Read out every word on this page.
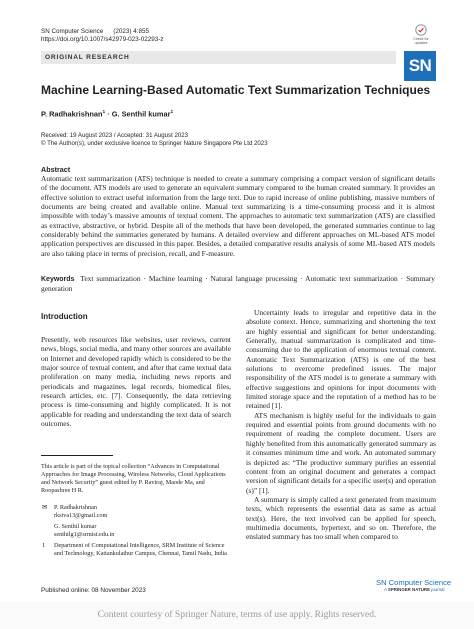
SN Computer Science (2023) 4:855
https://doi.org/10.1007/s42979-023-02293-z	Check for
updates
ORIGINAL RESEARCH	SN
Machine Learning-Based Automatic Text Summarization Techniques
P. Radhakrishnan$^1$ · G. Senthil kumar$^1$
Received: 19 August 2023 / Accepted: 31 August 2023
© The Author(s), under exclusive licence to Springer Nature Singapore Pte Ltd 2023
Abstract
Automatic text summarization (ATS) technique is needed to create a summary comprising a compact version of significant details of the document. ATS models are used to generate an equivalent summary compared to the human created summary. It provides an effective solution to extract useful information from the large text. Due to rapid increase of online publishing, massive numbers of documents are being created and available online. Manual text summarizing is a time-consuming process and it is almost impossible with today’s massive amounts of textual content. The approaches to automatic text summarization (ATS) are classified as extractive, abstractive, or hybrid. Despite all of the methods that have been developed, the generated summaries continue to lag considerably behind the summaries generated by humans. A detailed overview and different approaches on ML-based ATS model application perspectives are discussed in this paper. Besides, a detailed comparative results analysis of some ML-based ATS models are also taking place in terms of precision, recall, and F-measure.
Keywords Text summarization · Machine learning · Natural language processing · Automatic text summarization · Summary generation
Introduction

Presently, web resources like websites, user reviews, current news, blogs, social media, and many other sources are available on Internet and developed rapidly which is considered to be the major source of textual content, and after that came textual data proliferation on many media, including news reports and periodicals and magazines, legal records, biomedical files, research articles, etc. [7]. Consequently, the data retrieving process is time-consuming and highly complicated. It is not applicable for reading and understanding the text data of search outcomes.

Uncertainty leads to irregular and repetitive data in the absolute context. Hence, summarizing and shortening the text are highly essential and significant for better understanding. Generally, manual summarization is complicated and time-consuming due to the application of enormous textual content. Automatic Text Summarization (ATS) is one of the best solutions to overcome predefined issues. The major responsibility of the ATS model is to generate a summary with effective suggestions and opinions for input documents with limited storage space and the reputation of a method has to be retained [1].

ATS mechanism is highly useful for the individuals to gain required and essential points from ground documents with no requirement of reading the complete document. Users are highly benefited from this automatically generated summary as it consumes minimum time and work. An automated summary is depicted as: “The productive summary purifies an essential content from an original document and generates a compact version of significant details for a specific user(s) and operation (s)” [1].

A summary is simply called a text generated from maximum texts, which represents the essential data as same as actual text(s). Here, the text involved can be applied for speech, multimedia documents, hypertext, and so on. Therefore, the enslated summary has too small when compared to

This article is part of the topical collection “Advances in Computational Approaches for Image Processing, Wireless Networks, Cloud Applications and Network Security” guest edited by P. Raviraj, Maode Ma, and Roopashree H R.
✉ P. Radhakrishnan
rksiva13@gmail.com
G. Senthil kumar
senthilg1@srmist.edu.in
1 Department of Computational Intelligence, SRM Institute of Science and Technology, Kattankulathur Campus, Chennai, Tamil Nadu, India
Published online: 08 November 2023
SN Computer Science
A SPRINGER NATURE journal
Content courtesy of Springer Nature, terms of use apply. Rights reserved.
